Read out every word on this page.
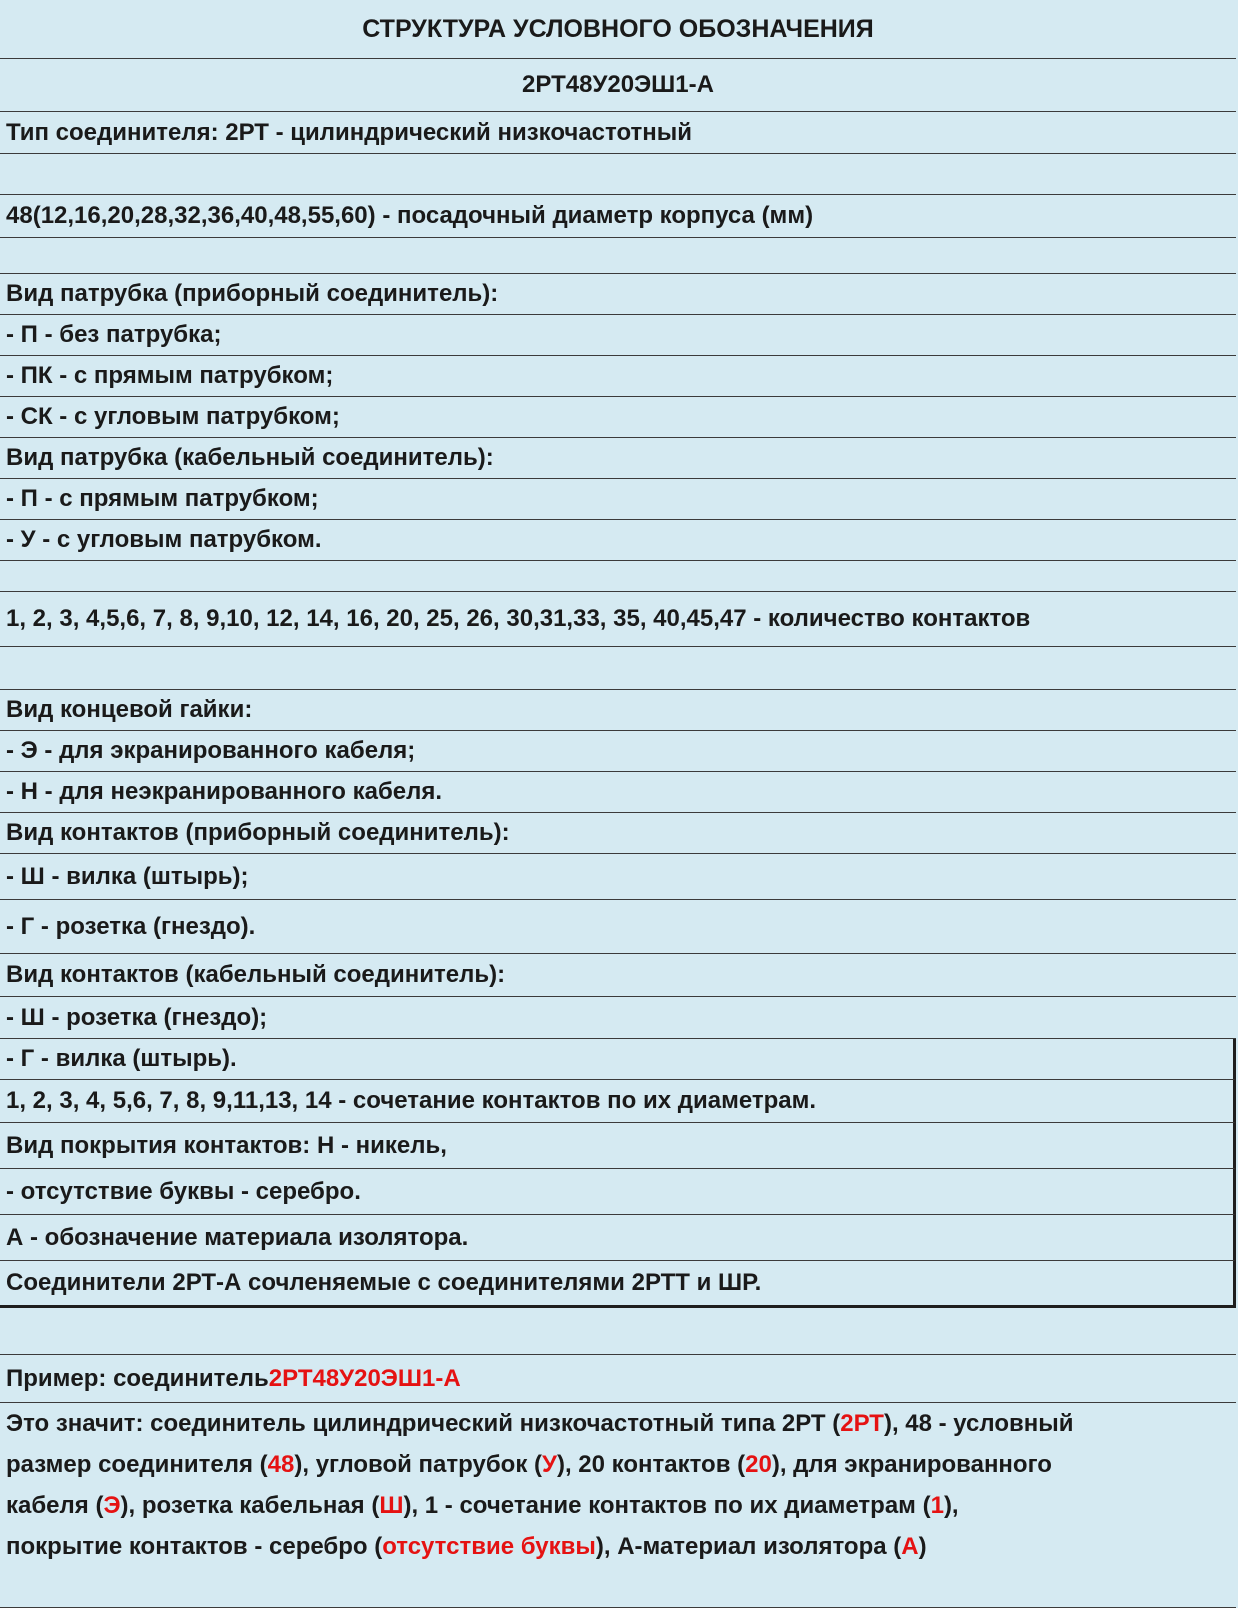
СТРУКТУРА УСЛОВНОГО ОБОЗНАЧЕНИЯ
2РТ48У20ЭШ1-А
Тип соединителя: 2РТ - цилиндрический низкочастотный
48(12,16,20,28,32,36,40,48,55,60) - посадочный диаметр корпуса (мм)
Вид патрубка (приборный соединитель):
- П - без патрубка;
- ПК - с прямым патрубком;
- СК - с угловым патрубком;
Вид патрубка (кабельный соединитель):
- П - с прямым патрубком;
- У - с угловым патрубком.
1, 2, 3, 4,5,6, 7, 8, 9,10, 12, 14, 16, 20, 25, 26, 30,31,33, 35, 40,45,47 - количество контактов
Вид концевой гайки:
- Э - для экранированного кабеля;
- Н - для неэкранированного кабеля.
Вид контактов (приборный соединитель):
- Ш - вилка (штырь);
- Г - розетка (гнездо).
Вид контактов (кабельный соединитель):
- Ш - розетка (гнездо);
- Г - вилка (штырь).
1, 2, 3, 4, 5,6, 7, 8, 9,11,13, 14 - сочетание контактов по их диаметрам.
Вид покрытия контактов: Н - никель,
- отсутствие буквы - серебро.
А - обозначение материала изолятора.
Соединители 2РТ-А сочленяемые с соединителями 2РТТ и ШР.
Пример: соединитель 2РТ48У20ЭШ1-А
Это значит: соединитель цилиндрический низкочастотный типа 2РТ (2РТ), 48 - условный
размер соединителя (48), угловой патрубок (У), 20 контактов (20), для экранированного
кабеля (Э), розетка кабельная (Ш), 1 - сочетание контактов по их диаметрам (1),
покрытие контактов - серебро (отсутствие буквы), А-материал изолятора (А)
